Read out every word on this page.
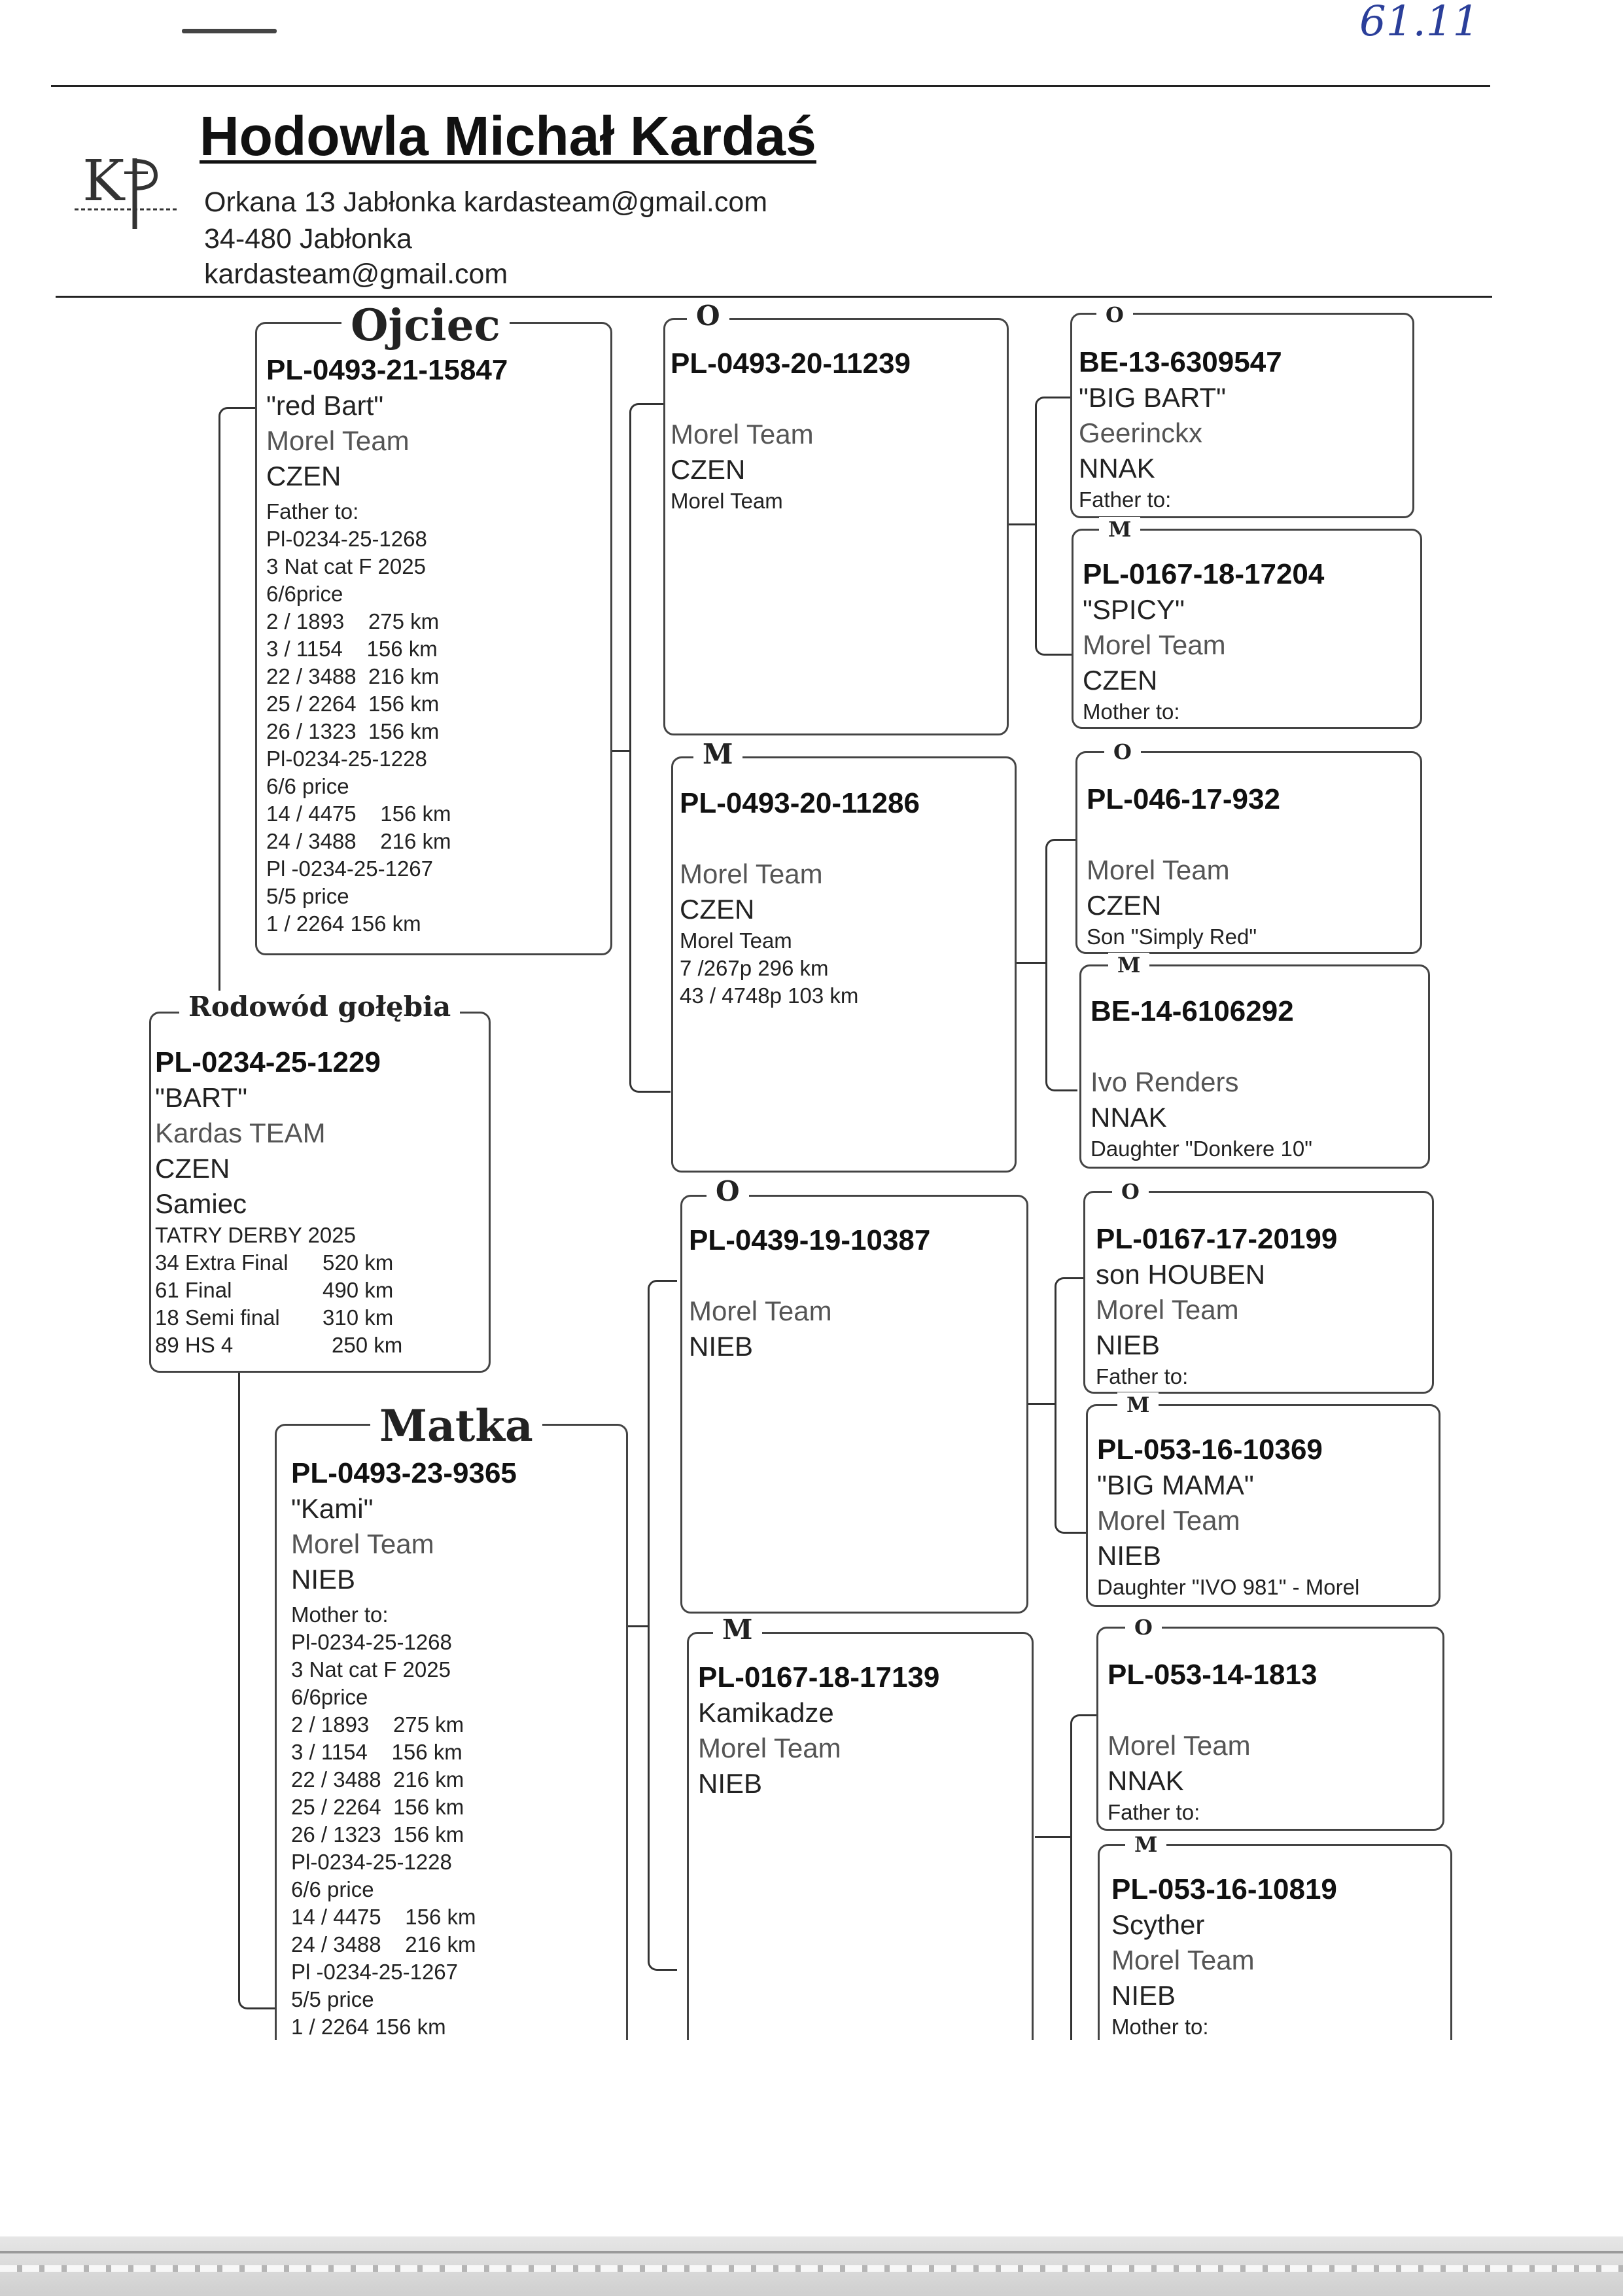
61.11
K
Hodowla Michał Kardaś
Orkana 13 Jabłonka kardasteam@gmail.com
34-480 Jabłonka
kardasteam@gmail.com
PL-0234-25-1229
"BART"
Kardas TEAM
CZEN
Samiec
TATRY DERBY 2025
34 Extra Final 520 km
61 Final	490 km
18 Semi final 310 km
89 HS 4	250 km
Rodowód gołębia
PL-0493-21-15847
"red Bart"
Morel Team
CZEN
Father to:
Pl-0234-25-1268
3 Nat cat F 2025
6/6price
2 / 1893    275 km
3 / 1154    156 km
22 / 3488  216 km
25 / 2264  156 km
26 / 1323  156 km
Pl-0234-25-1228
6/6 price
14 / 4475    156 km
24 / 3488    216 km
Pl -0234-25-1267
5/5 price
1 / 2264 156 km
Ojciec
PL-0493-23-9365
"Kami"
Morel Team
NIEB
Mother to:
Pl-0234-25-1268
3 Nat cat F 2025
6/6price
2 / 1893    275 km
3 / 1154    156 km
22 / 3488  216 km
25 / 2264  156 km
26 / 1323  156 km
Pl-0234-25-1228
6/6 price
14 / 4475    156 km
24 / 3488    216 km
Pl -0234-25-1267
5/5 price
1 / 2264 156 km
Matka
PL-0493-20-11239
Morel Team
CZEN
Morel Team
O
PL-0493-20-11286
Morel Team
CZEN
Morel Team
7 /267p 296 km
43 / 4748p 103 km
M
PL-0439-19-10387
Morel Team
NIEB
O
PL-0167-18-17139
Kamikadze
Morel Team
NIEB
M
BE-13-6309547
"BIG BART"
Geerinckx
NNAK
Father to:
O
PL-0167-18-17204
"SPICY"
Morel Team
CZEN
Mother to:
M
PL-046-17-932
Morel Team
CZEN
Son "Simply Red"
O
BE-14-6106292
Ivo Renders
NNAK
Daughter "Donkere 10"
M
PL-0167-17-20199
son HOUBEN
Morel Team
NIEB
Father to:
O
PL-053-16-10369
"BIG MAMA"
Morel Team
NIEB
Daughter "IVO 981" - Morel
M
PL-053-14-1813
Morel Team
NNAK
Father to:
O
PL-053-16-10819
Scyther
Morel Team
NIEB
Mother to:
M
